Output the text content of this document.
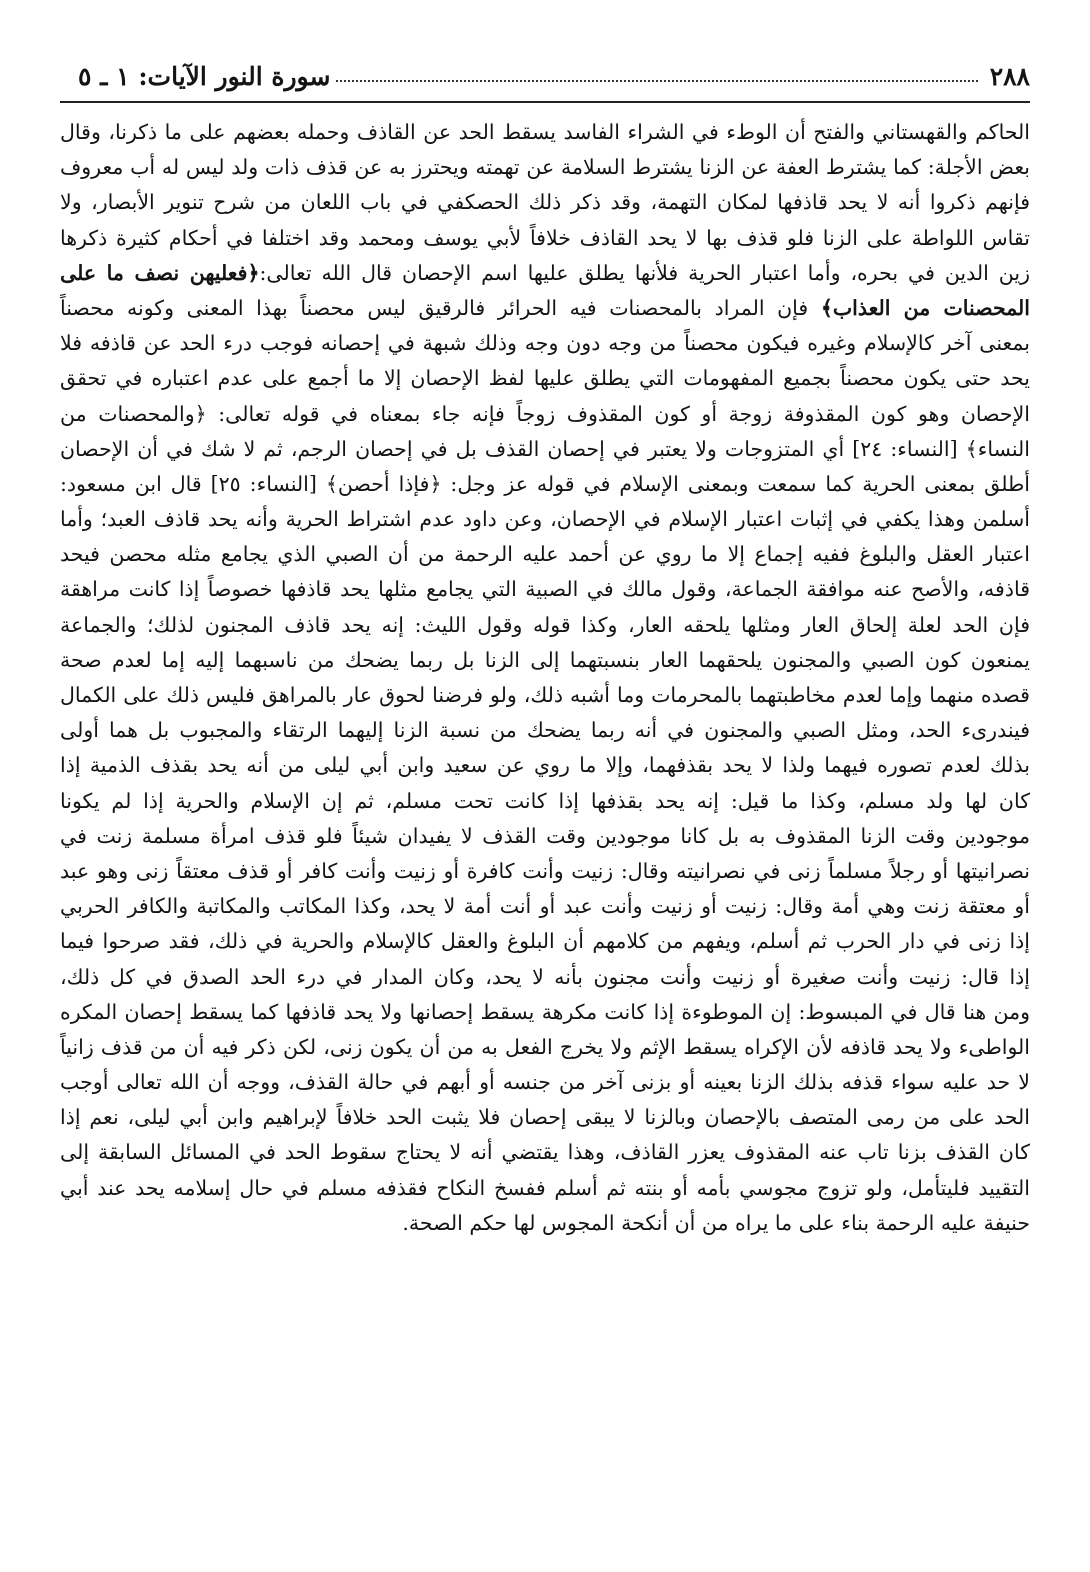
٢٨٨
سورة النور الآيات: ١ ـ ٥
الحاكم والقهستاني والفتح أن الوطء في الشراء الفاسد يسقط الحد عن القاذف وحمله بعضهم على ما ذكرنا، وقال
بعض الأجلة: كما يشترط العفة عن الزنا يشترط السلامة عن تهمته ويحترز به عن قذف ذات ولد ليس له أب معروف
فإنهم ذكروا أنه لا يحد قاذفها لمكان التهمة، وقد ذكر ذلك الحصكفي في باب اللعان من شرح تنوير الأبصار، ولا
تقاس اللواطة على الزنا فلو قذف بها لا يحد القاذف خلافاً لأبي يوسف ومحمد وقد اختلفا في أحكام كثيرة ذكرها
زين الدين في بحره، وأما اعتبار الحرية فلأنها يطلق عليها اسم الإحصان قال الله تعالى:﴿فعليهن نصف ما على
المحصنات من العذاب﴾ فإن المراد بالمحصنات فيه الحرائر فالرقيق ليس محصناً بهذا المعنى وكونه محصناً
بمعنى آخر كالإسلام وغيره فيكون محصناً من وجه دون وجه وذلك شبهة في إحصانه فوجب درء الحد عن قاذفه فلا
يحد حتى يكون محصناً بجميع المفهومات التي يطلق عليها لفظ الإحصان إلا ما أجمع على عدم اعتباره في تحقق
الإحصان وهو كون المقذوفة زوجة أو كون المقذوف زوجاً فإنه جاء بمعناه في قوله تعالى: ﴿والمحصنات من
النساء﴾ [النساء: ٢٤] أي المتزوجات ولا يعتبر في إحصان القذف بل في إحصان الرجم، ثم لا شك في أن الإحصان
أطلق بمعنى الحرية كما سمعت وبمعنى الإسلام في قوله عز وجل: ﴿فإذا أحصن﴾ [النساء: ٢٥] قال ابن مسعود:
أسلمن وهذا يكفي في إثبات اعتبار الإسلام في الإحصان، وعن داود عدم اشتراط الحرية وأنه يحد قاذف العبد؛ وأما
اعتبار العقل والبلوغ ففيه إجماع إلا ما روي عن أحمد عليه الرحمة من أن الصبي الذي يجامع مثله محصن فيحد
قاذفه، والأصح عنه موافقة الجماعة، وقول مالك في الصبية التي يجامع مثلها يحد قاذفها خصوصاً إذا كانت مراهقة
فإن الحد لعلة إلحاق العار ومثلها يلحقه العار، وكذا قوله وقول الليث: إنه يحد قاذف المجنون لذلك؛ والجماعة
يمنعون كون الصبي والمجنون يلحقهما العار بنسبتهما إلى الزنا بل ربما يضحك من ناسبهما إليه إما لعدم صحة
قصده منهما وإما لعدم مخاطبتهما بالمحرمات وما أشبه ذلك، ولو فرضنا لحوق عار بالمراهق فليس ذلك على الكمال
فيندرىء الحد، ومثل الصبي والمجنون في أنه ربما يضحك من نسبة الزنا إليهما الرتقاء والمجبوب بل هما أولى
بذلك لعدم تصوره فيهما ولذا لا يحد بقذفهما، وإلا ما روي عن سعيد وابن أبي ليلى من أنه يحد بقذف الذمية إذا
كان لها ولد مسلم، وكذا ما قيل: إنه يحد بقذفها إذا كانت تحت مسلم، ثم إن الإسلام والحرية إذا لم يكونا
موجودين وقت الزنا المقذوف به بل كانا موجودين وقت القذف لا يفيدان شيئاً فلو قذف امرأة مسلمة زنت في
نصرانيتها أو رجلاً مسلماً زنى في نصرانيته وقال: زنيت وأنت كافرة أو زنيت وأنت كافر أو قذف معتقاً زنى وهو عبد
أو معتقة زنت وهي أمة وقال: زنيت أو زنيت وأنت عبد أو أنت أمة لا يحد، وكذا المكاتب والمكاتبة والكافر الحربي
إذا زنى في دار الحرب ثم أسلم، ويفهم من كلامهم أن البلوغ والعقل كالإسلام والحرية في ذلك، فقد صرحوا فيما
إذا قال: زنيت وأنت صغيرة أو زنيت وأنت مجنون بأنه لا يحد، وكان المدار في درء الحد الصدق في كل ذلك،
ومن هنا قال في المبسوط: إن الموطوءة إذا كانت مكرهة يسقط إحصانها ولا يحد قاذفها كما يسقط إحصان المكره
الواطىء ولا يحد قاذفه لأن الإكراه يسقط الإثم ولا يخرج الفعل به من أن يكون زنى، لكن ذكر فيه أن من قذف زانياً
لا حد عليه سواء قذفه بذلك الزنا بعينه أو بزنى آخر من جنسه أو أبهم في حالة القذف، ووجه أن الله تعالى أوجب
الحد على من رمى المتصف بالإحصان وبالزنا لا يبقى إحصان فلا يثبت الحد خلافاً لإبراهيم وابن أبي ليلى، نعم إذا
كان القذف بزنا تاب عنه المقذوف يعزر القاذف، وهذا يقتضي أنه لا يحتاج سقوط الحد في المسائل السابقة إلى
التقييد فليتأمل، ولو تزوج مجوسي بأمه أو بنته ثم أسلم ففسخ النكاح فقذفه مسلم في حال إسلامه يحد عند أبي
حنيفة عليه الرحمة بناء على ما يراه من أن أنكحة المجوس لها حكم الصحة.
